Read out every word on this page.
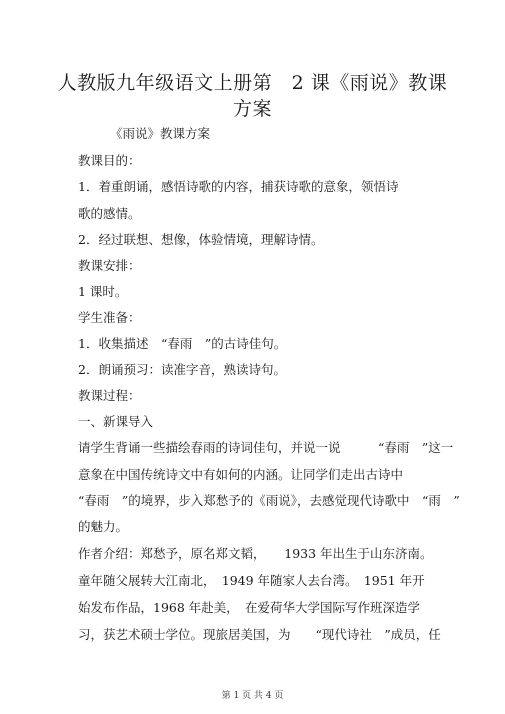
人教版九年级语文上册第　2 课《雨说》教课
方案

《雨说》教课方案

教课目的：

1．着重朗诵，感悟诗歌的内容，捕获诗歌的意象，领悟诗

歌的感情。

2．经过联想、想像，体验情境，理解诗情。

教课安排：

1 课时。

学生准备：

1．收集描述　“春雨　”的古诗佳句。

2．朗诵预习：读准字音，熟读诗句。

教课过程：

一、新课导入

请学生背诵一些描绘春雨的诗词佳句，并说一说　　　“春雨　”这一

意象在中国传统诗文中有如何的内涵。让同学们走出古诗中

“春雨　”的境界，步入郑愁予的《雨说》，去感觉现代诗歌中　“雨　”

的魅力。

作者介绍：郑愁予，原名郑文韬，　　1933 年出生于山东济南。

童年随父展转大江南北，　1949 年随家人去台湾。　1951 年开

始发布作品，1968 年赴美，　在爱荷华大学国际写作班深造学

习，获艺术硕士学位。现旅居美国，为　　“现代诗社　”成员，任

第 1 页 共 4 页
